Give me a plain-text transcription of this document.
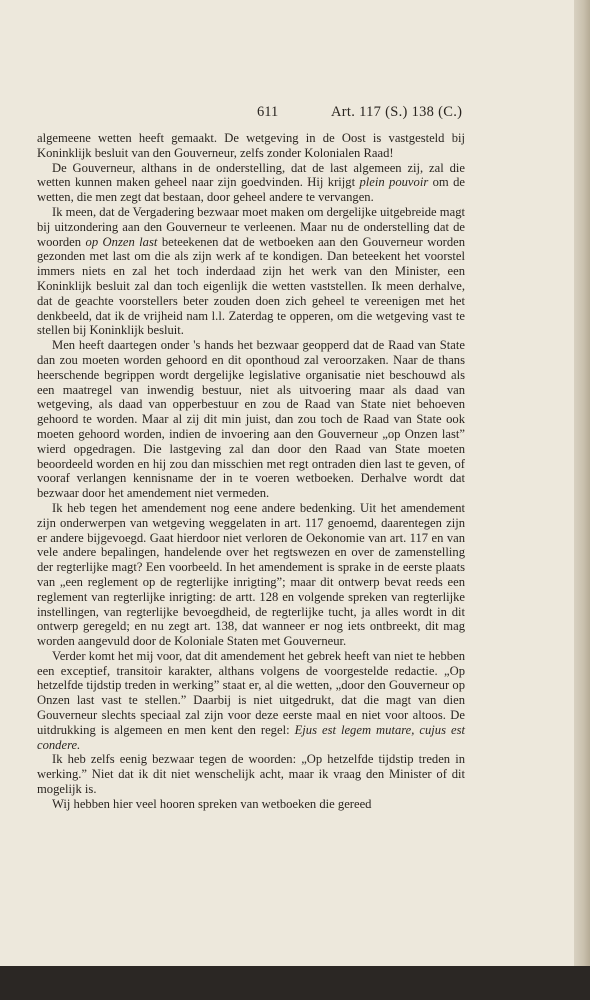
611	Art. 117 (S.) 138 (C.)

algemeene wetten heeft gemaakt. De wetgeving in de Oost is vastgesteld bij Koninklijk besluit van den Gouverneur, zelfs zonder Kolonialen Raad!

De Gouverneur, althans in de onderstelling, dat de last algemeen zij, zal die wetten kunnen maken geheel naar zijn goedvinden. Hij krijgt plein pouvoir om de wetten, die men zegt dat bestaan, door geheel andere te vervangen.

Ik meen, dat de Vergadering bezwaar moet maken om dergelijke uitgebreide magt bij uitzondering aan den Gouverneur te verleenen. Maar nu de onderstelling dat de woorden op Onzen last beteekenen dat de wetboeken aan den Gouverneur worden gezonden met last om die als zijn werk af te kondigen. Dan beteekent het voorstel immers niets en zal het toch inderdaad zijn het werk van den Minister, een Koninklijk besluit zal dan toch eigenlijk die wetten vaststellen. Ik meen derhalve, dat de geachte voorstellers beter zouden doen zich geheel te vereenigen met het denkbeeld, dat ik de vrijheid nam l.l. Zaterdag te opperen, om die wetgeving vast te stellen bij Koninklijk besluit.

Men heeft daartegen onder 's hands het bezwaar geopperd dat de Raad van State dan zou moeten worden gehoord en dit oponthoud zal veroorzaken. Naar de thans heerschende begrippen wordt dergelijke legislative organisatie niet beschouwd als een maatregel van inwendig bestuur, niet als uitvoering maar als daad van wetgeving, als daad van opperbestuur en zou de Raad van State niet behoeven gehoord te worden. Maar al zij dit min juist, dan zou toch de Raad van State ook moeten gehoord worden, indien de invoering aan den Gouverneur „op Onzen last” wierd opgedragen. Die lastgeving zal dan door den Raad van State moeten beoordeeld worden en hij zou dan misschien met regt ontraden dien last te geven, of vooraf verlangen kennisname der in te voeren wetboeken. Derhalve wordt dat bezwaar door het amendement niet vermeden.

Ik heb tegen het amendement nog eene andere bedenking. Uit het amendement zijn onderwerpen van wetgeving weggelaten in art. 117 genoemd, daarentegen zijn er andere bijgevoegd. Gaat hierdoor niet verloren de Oekonomie van art. 117 en van vele andere bepalingen, handelende over het regtswezen en over de zamenstelling der regterlijke magt? Een voorbeeld. In het amendement is sprake in de eerste plaats van „een reglement op de regterlijke inrigting”; maar dit ontwerp bevat reeds een reglement van regterlijke inrigting: de artt. 128 en volgende spreken van regterlijke instellingen, van regterlijke bevoegdheid, de regterlijke tucht, ja alles wordt in dit ontwerp geregeld; en nu zegt art. 138, dat wanneer er nog iets ontbreekt, dit mag worden aangevuld door de Koloniale Staten met Gouverneur.

Verder komt het mij voor, dat dit amendement het gebrek heeft van niet te hebben een exceptief, transitoir karakter, althans volgens de voorgestelde redactie. „Op hetzelfde tijdstip treden in werking” staat er, al die wetten, „door den Gouverneur op Onzen last vast te stellen.” Daarbij is niet uitgedrukt, dat die magt van dien Gouverneur slechts speciaal zal zijn voor deze eerste maal en niet voor altoos. De uitdrukking is algemeen en men kent den regel: Ejus est legem mutare, cujus est condere.

Ik heb zelfs eenig bezwaar tegen de woorden: „Op hetzelfde tijdstip treden in werking.” Niet dat ik dit niet wenschelijk acht, maar ik vraag den Minister of dit mogelijk is.

Wij hebben hier veel hooren spreken van wetboeken die gereed
